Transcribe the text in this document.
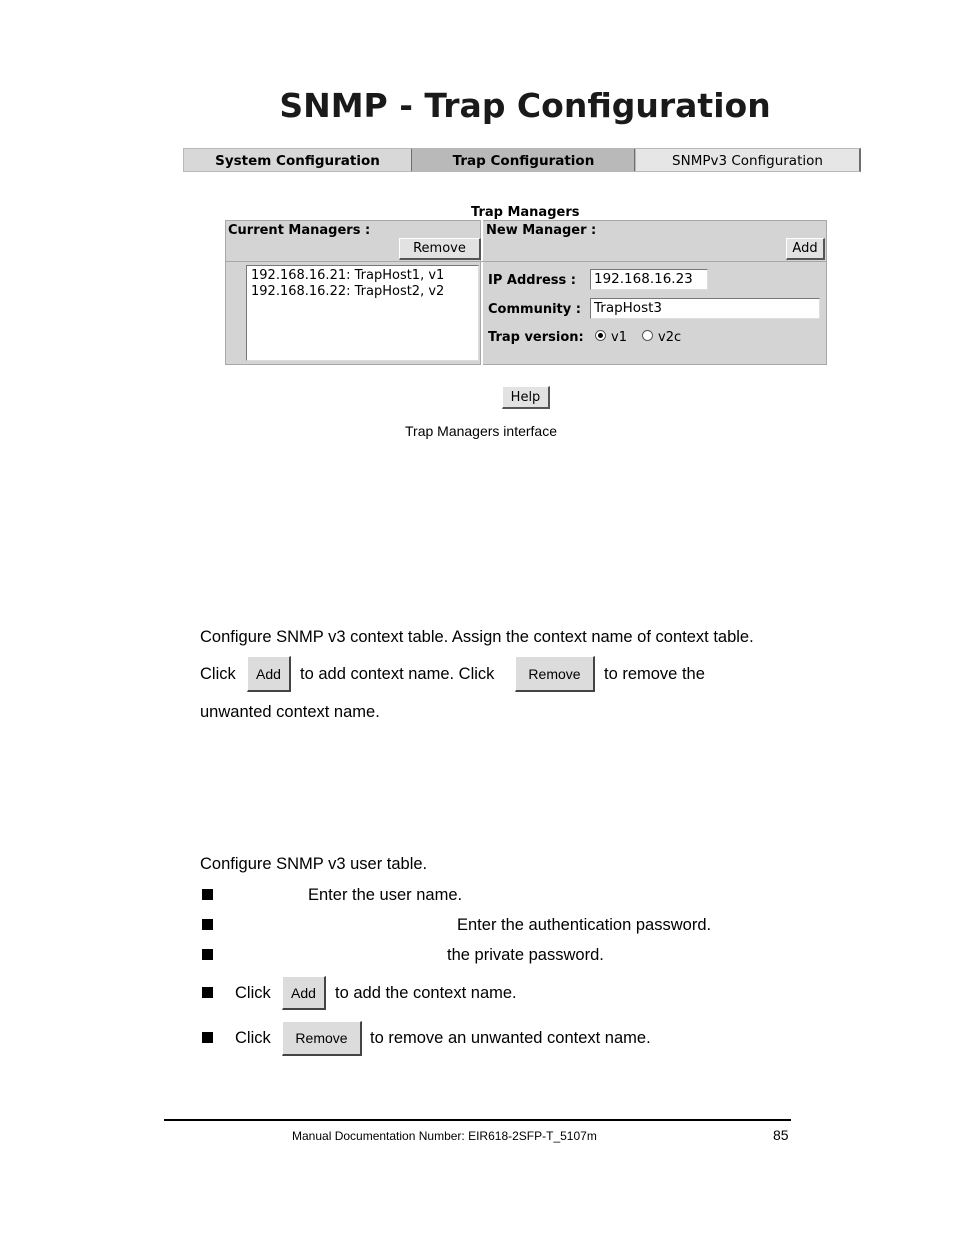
SNMP - Trap Configuration
System Configuration	Trap Configuration	SNMPv3 Configuration
Trap Managers
Current Managers :
Remove
New Manager :
Add
192.168.16.21: TrapHost1, v1
192.168.16.22: TrapHost2, v2
IP Address : 192.168.16.23
Community : TrapHost3
Trap version: v1 v2c
Help
Trap Managers interface
Configure SNMP v3 context table. Assign the context name of context table.
Click	Add	to add context name. Click	Remove	to remove the
unwanted context name.
Configure SNMP v3 user table.
Enter the user name.
Enter the authentication password.
the private password.
Click	Add	to add the context name.
Click	Remove	to remove an unwanted context name.
Manual Documentation Number: EIR618-2SFP-T_5107m	85
